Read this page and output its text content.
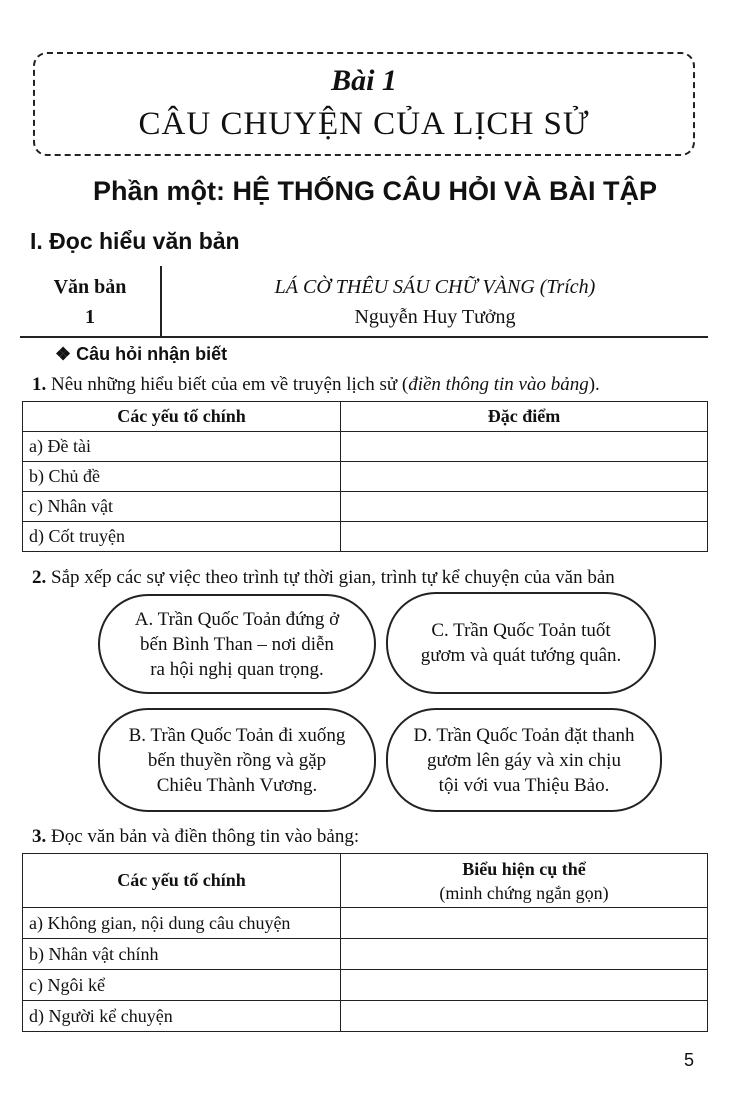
Bài 1
CÂU CHUYỆN CỦA LỊCH SỬ
Phần một: HỆ THỐNG CÂU HỎI VÀ BÀI TẬP
I. Đọc hiểu văn bản
Văn bản
1
LÁ CỜ THÊU SÁU CHỮ VÀNG (Trích)
Nguyễn Huy Tưởng
❖ Câu hỏi nhận biết
1. Nêu những hiểu biết của em về truyện lịch sử (điền thông tin vào bảng).
Các yếu tố chính	Đặc điểm
a) Đề tài	
b) Chủ đề	
c) Nhân vật	
d) Cốt truyện	
2. Sắp xếp các sự việc theo trình tự thời gian, trình tự kể chuyện của văn bản
A. Trần Quốc Toản đứng ở
bến Bình Than – nơi diễn
ra hội nghị quan trọng.
C. Trần Quốc Toản tuốt
gươm và quát tướng quân.
B. Trần Quốc Toản đi xuống
bến thuyền rồng và gặp
Chiêu Thành Vương.
D. Trần Quốc Toản đặt thanh
gươm lên gáy và xin chịu
tội với vua Thiệu Bảo.
3. Đọc văn bản và điền thông tin vào bảng:
Các yếu tố chính	Biểu hiện cụ thể
(minh chứng ngắn gọn)

a) Không gian, nội dung câu chuyện	
b) Nhân vật chính	
c) Ngôi kể	
d) Người kể chuyện	
5
